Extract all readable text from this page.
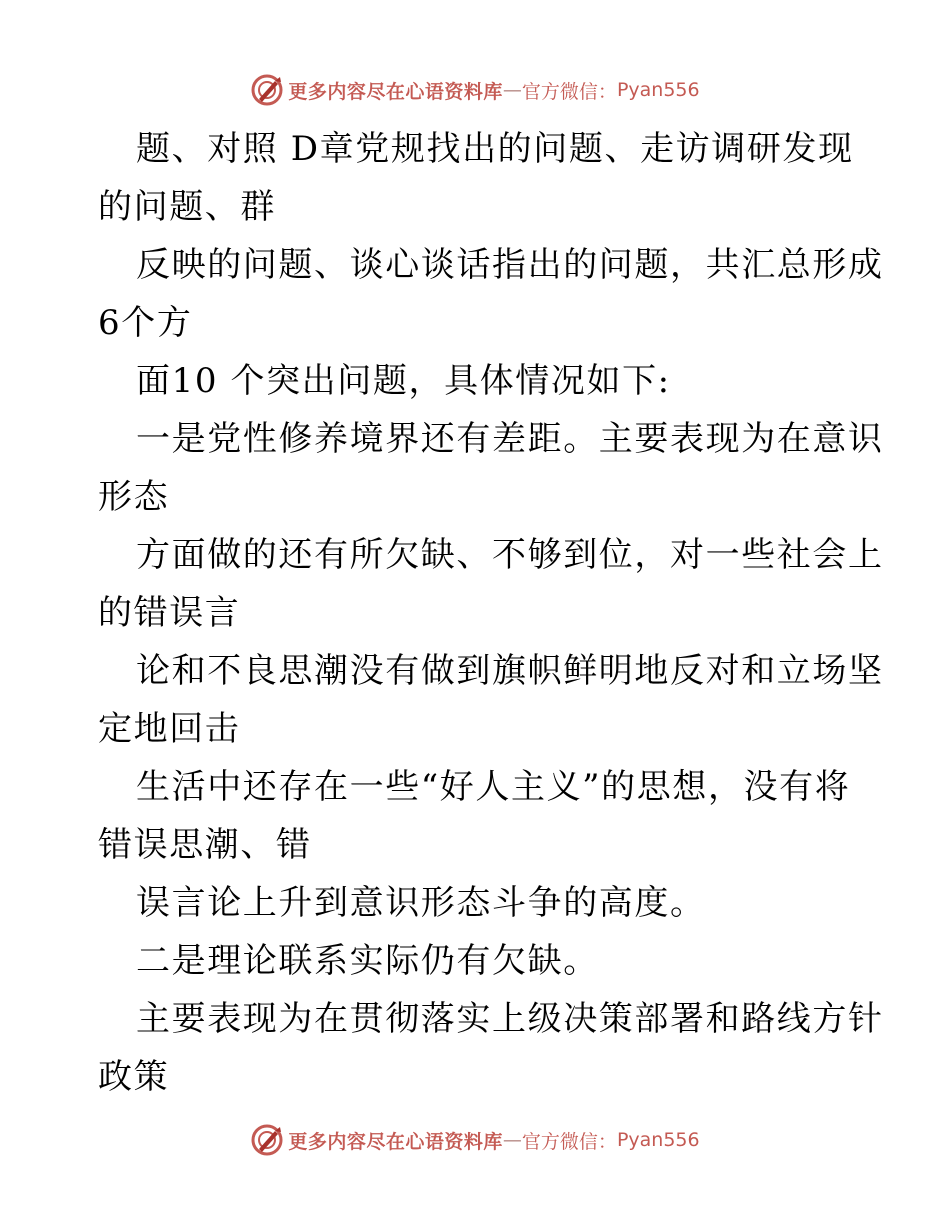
更多内容尽在心语资料库 — 官方微信： Pyan556
题、对照 D章党规找出的问题、走访调研发现
的问题、群
反映的问题、谈心谈话指出的问题，共汇总形成
6个方
面10 个突出问题，具体情况如下:
一是党性修养境界还有差距。主要表现为在意识
形态
方面做的还有所欠缺、不够到位，对一些社会上
的错误言
论和不良思潮没有做到旗帜鲜明地反对和立场坚
定地回击
生活中还存在一些“好人主义”的思想，没有将
错误思潮、错
误言论上升到意识形态斗争的高度。
二是理论联系实际仍有欠缺。
主要表现为在贯彻落实上级决策部署和路线方针
政策
更多内容尽在心语资料库 — 官方微信： Pyan556
